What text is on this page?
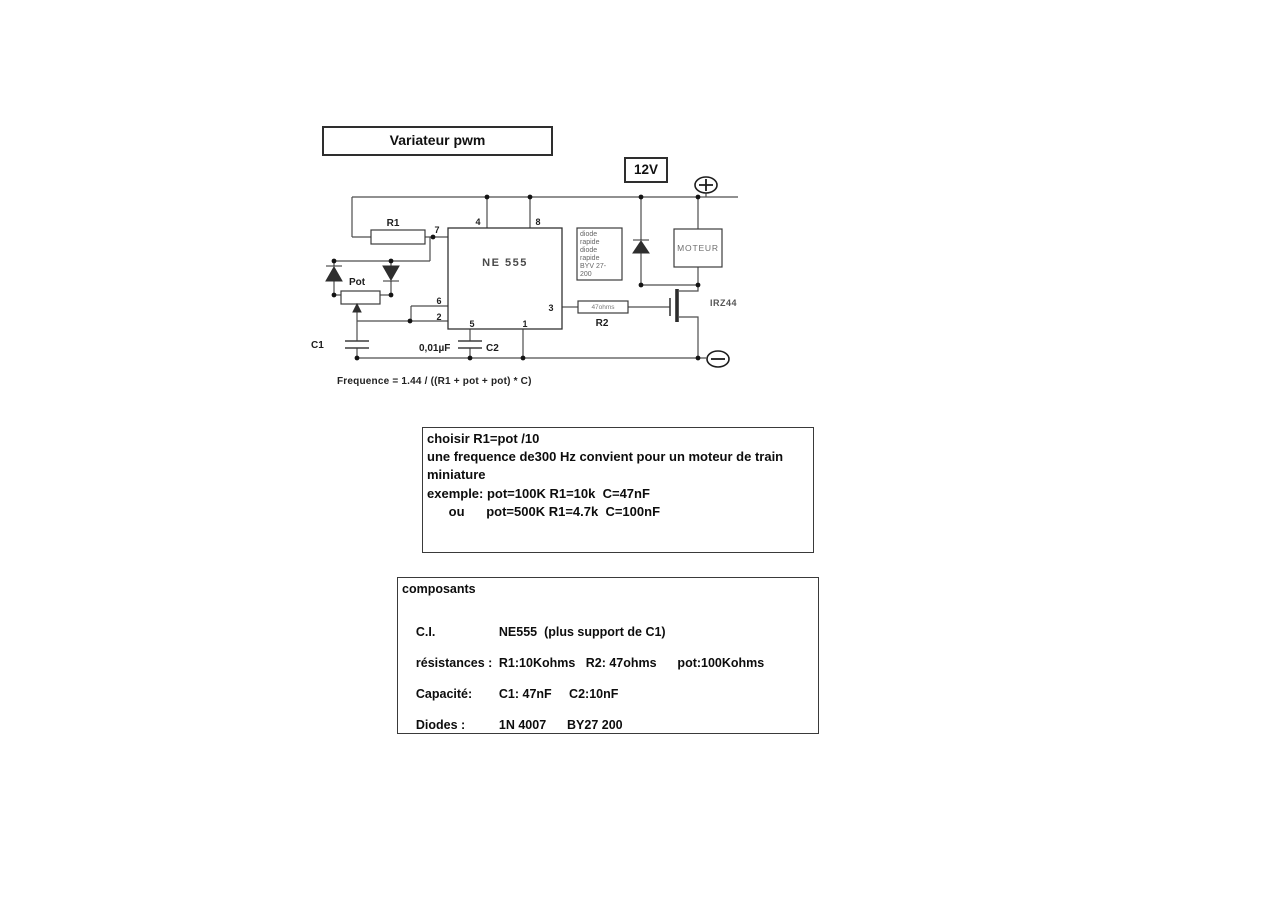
Variateur pwm
12V
R1
Pot
C1	0,01µF	C2
NE 555
7
4	8
6
2
3
5	1
47ohms
R2
diode
rapide
diode
rapide
BYV 27-
200
MOTEUR
IRZ44
Frequence = 1.44 / ((R1 + pot + pot) * C)
choisir R1=pot /10
une frequence de300 Hz convient pour un moteur de train
miniature
exemple: pot=100K R1=10k  C=47nF
ou      pot=500K R1=4.7k  C=100nF
composants

C.I.	NE555  (plus support de C1)

résistances : R1:10Kohms   R2: 47ohms      pot:100Kohms

Capacité: C1: 47nF     C2:10nF

Diodes :	1N 4007      BY27 200
